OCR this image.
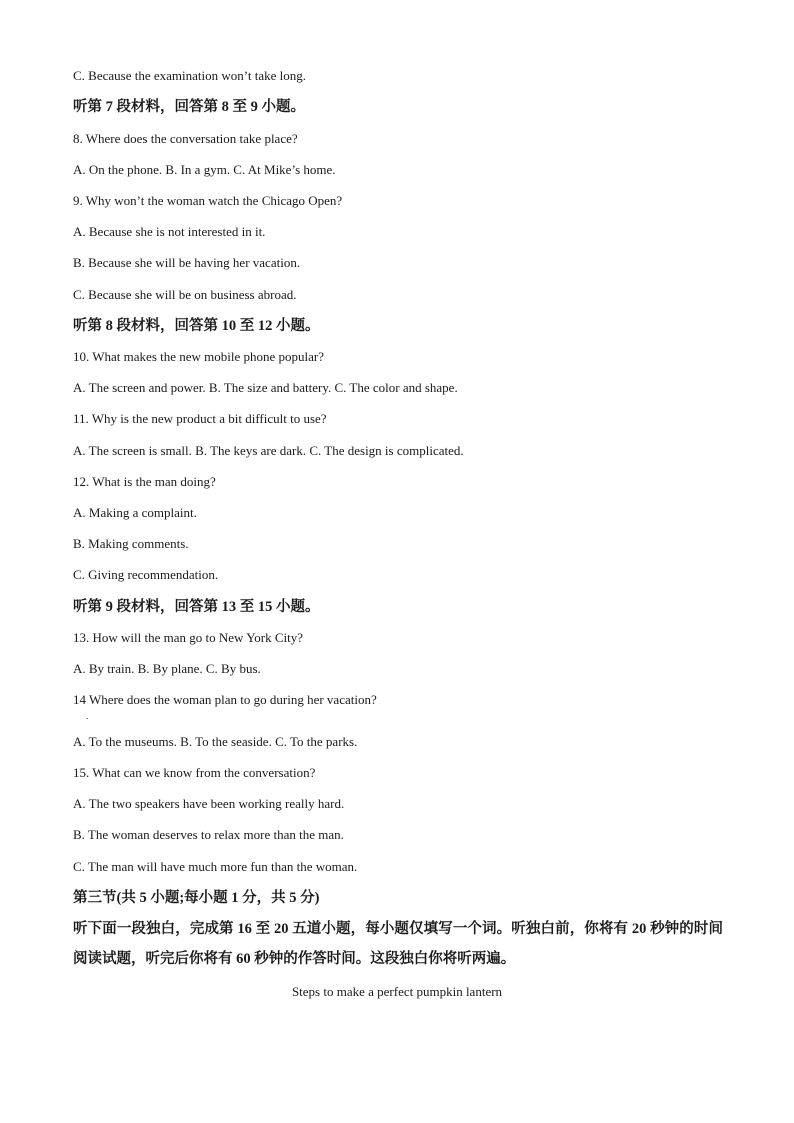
C. Because the examination won’t take long.
听第 7 段材料，回答第 8 至 9 小题。
8. Where does the conversation take place?
A. On the phone. B. In a gym. C. At Mike’s home.
9. Why won’t the woman watch the Chicago Open?
A. Because she is not interested in it.
B. Because she will be having her vacation.
C. Because she will be on business abroad.
听第 8 段材料，回答第 10 至 12 小题。
10. What makes the new mobile phone popular?
A. The screen and power. B. The size and battery. C. The color and shape.
11. Why is the new product a bit difficult to use?
A. The screen is small. B. The keys are dark. C. The design is complicated.
12. What is the man doing?
A. Making a complaint.
B. Making comments.
C. Giving recommendation.
听第 9 段材料，回答第 13 至 15 小题。
13. How will the man go to New York City?
A. By train. B. By plane. C. By bus.
14 Where does the woman plan to go during her vacation?
.
A. To the museums. B. To the seaside. C. To the parks.
15. What can we know from the conversation?
A. The two speakers have been working really hard.
B. The woman deserves to relax more than the man.
C. The man will have much more fun than the woman.
第三节(共 5 小题;每小题 1 分，共 5 分)
听下面一段独白，完成第 16 至 20 五道小题，每小题仅填写一个词。听独白前，你将有 20 秒钟的时间阅读试题，听完后你将有 60 秒钟的作答时间。这段独白你将听两遍。
Steps to make a perfect pumpkin lantern
